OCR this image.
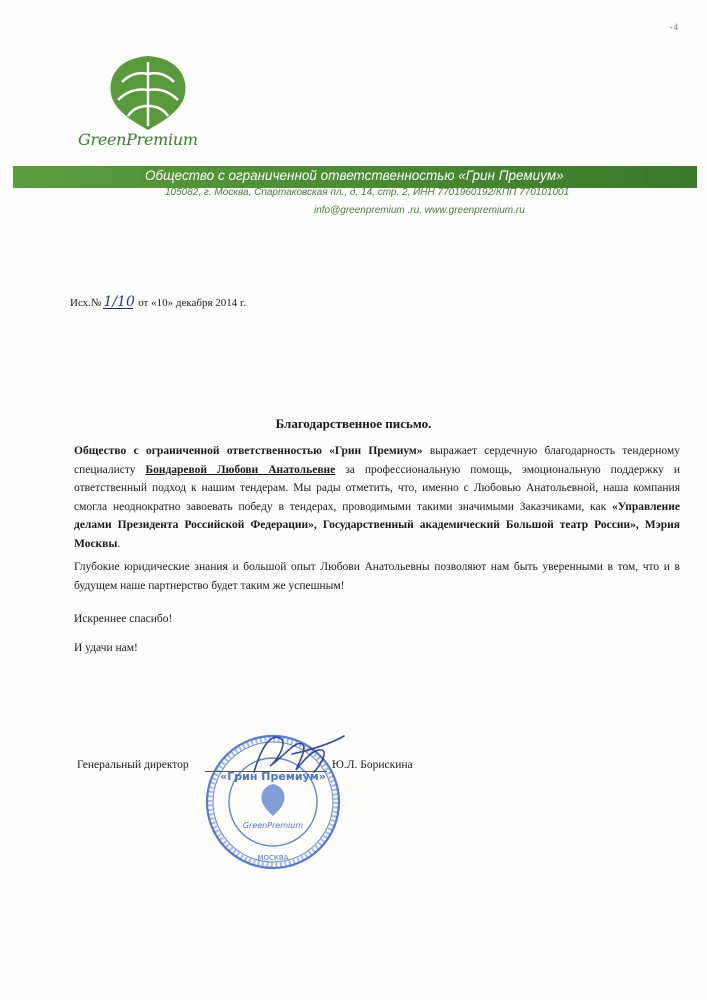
-4
GreenPremium
Общество с ограниченной ответственностью «Грин Премиум»
105082, г. Москва, Спартаковская пл., д. 14, стр. 2, ИНН 7701960192/КПП 770101001
info@greenpremium .ru, www.greenpremium.ru
Исх.№ 1/10 от «10» декабря 2014 г.
Благодарственное письмо.
Общество с ограниченной ответственностью «Грин Премиум» выражает сердечную благодарность тендерному специалисту Бондаревой Любови Анатольевне за профессиональную помощь, эмоциональную поддержку и ответственный подход к нашим тендерам. Мы рады отметить, что, именно с Любовью Анатольевной, наша компания смогла неоднократно завоевать победу в тендерах, проводимыми такими значимыми Заказчиками, как «Управление делами Президента Российской Федерации», Государственный академический Большой театр России», Мэрия Москвы.
Глубокие юридические знания и большой опыт Любови Анатольевны позволяют нам быть уверенными в том, что и в будущем наше партнерство будет таким же успешным!
Искреннее спасибо!
И удачи нам!
Генеральный директор	Ю.Л. Борискина
«Грин Премиум»
GreenPremium
МОСКВА
